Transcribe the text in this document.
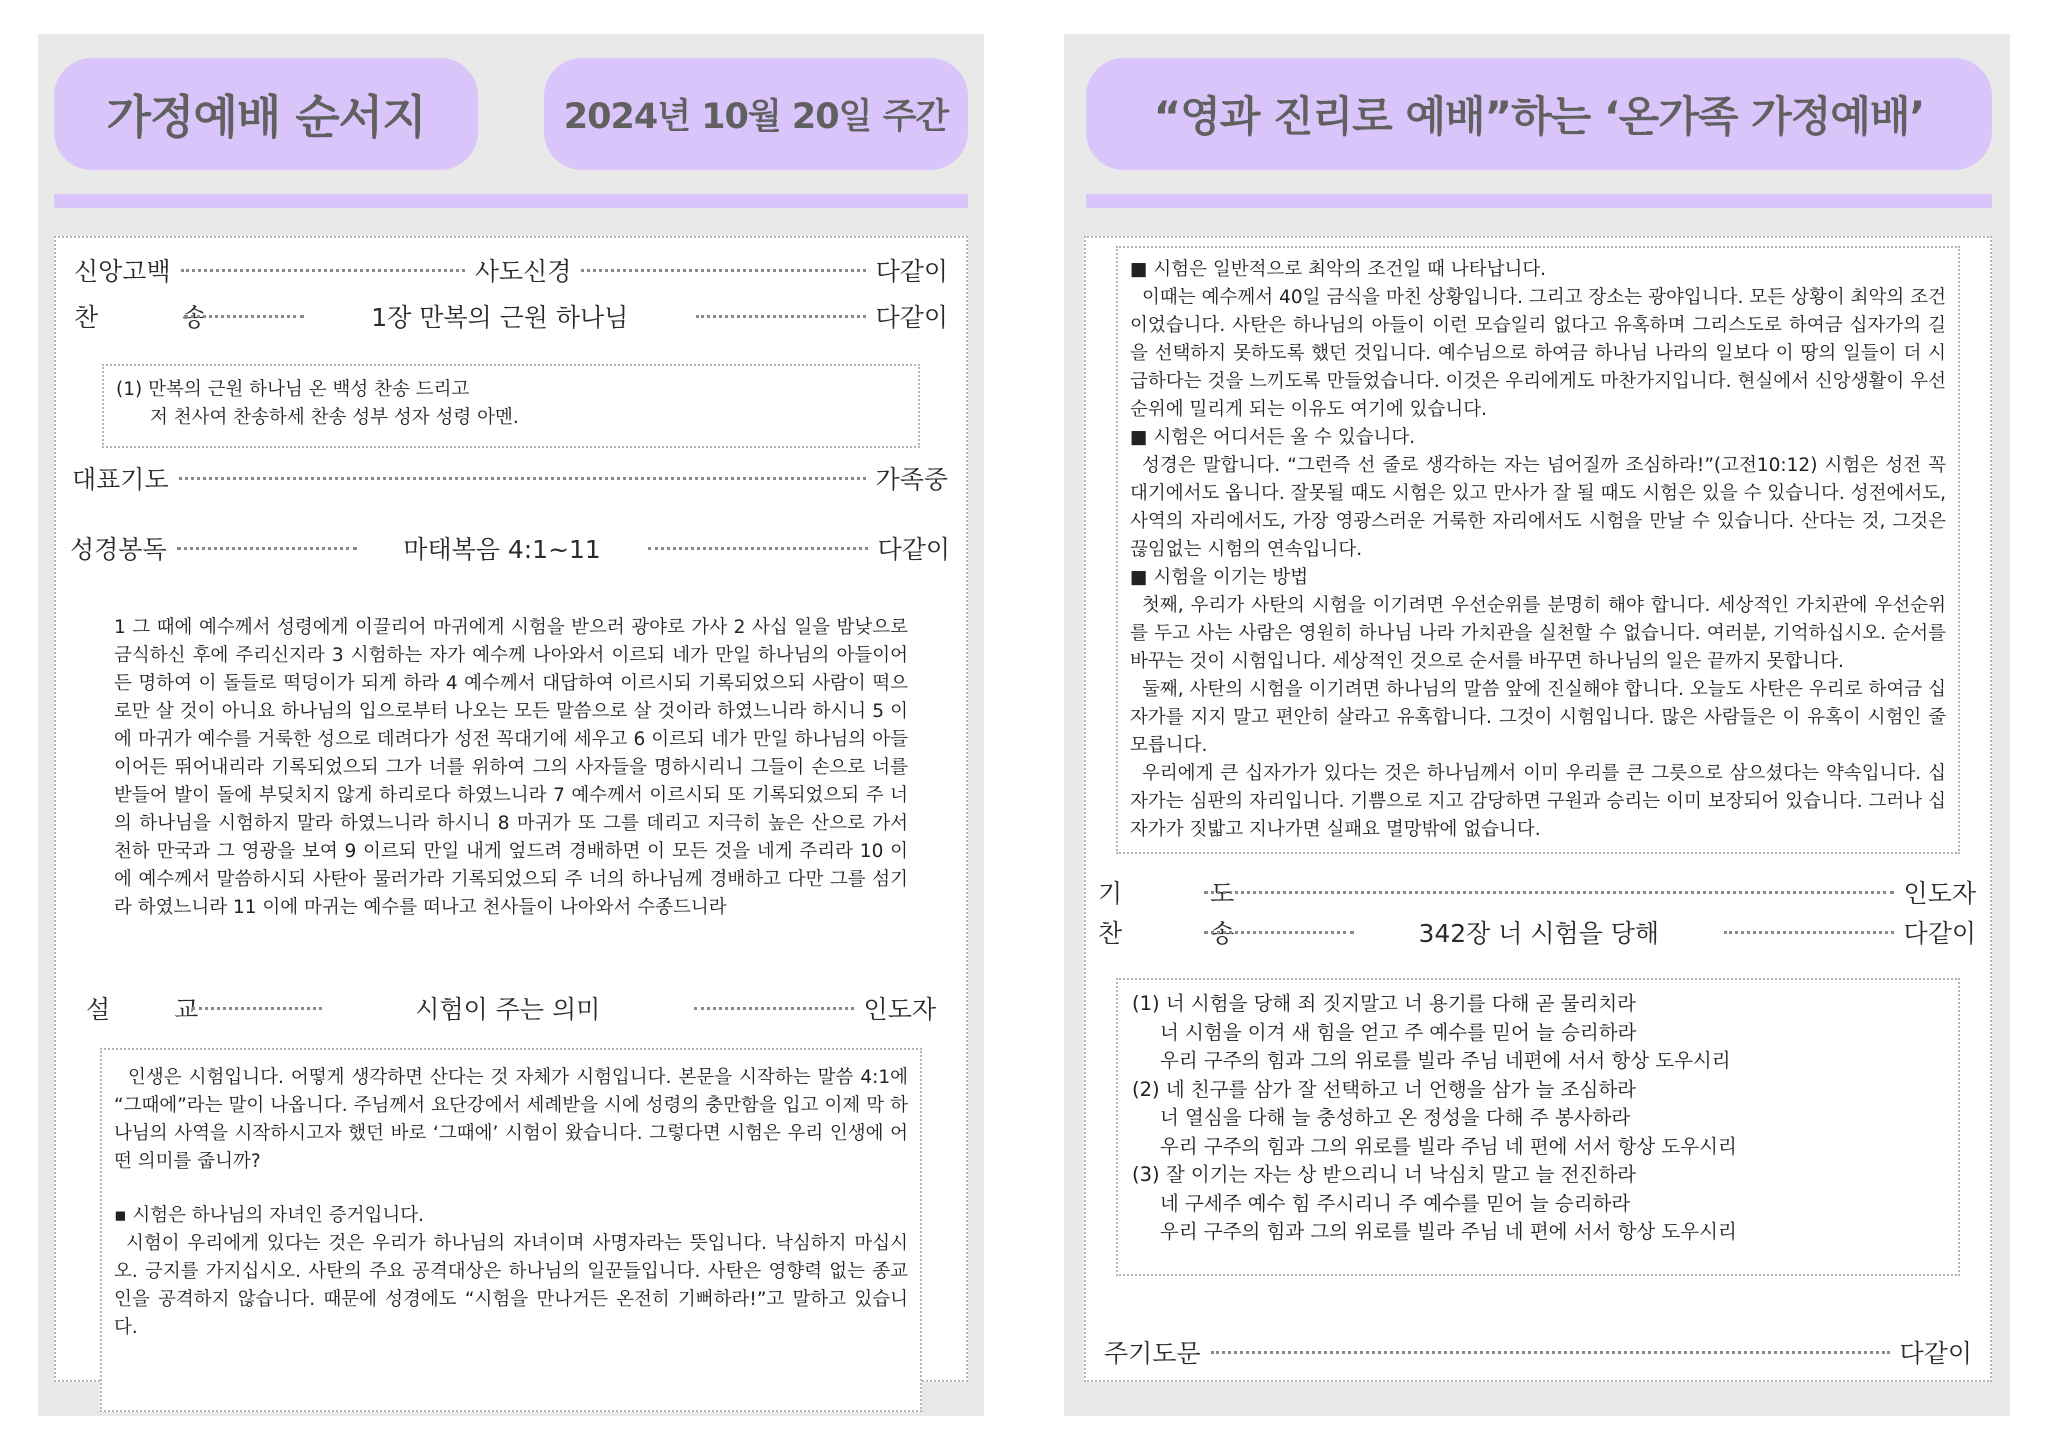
가정예배 순서지	2024년 10월 20일 주간
신앙고백	사도신경	다같이
찬 송	1장 만복의 근원 하나님	다같이

(1) 만복의 근원 하나님 온 백성 찬송 드리고

저 천사여 찬송하세 찬송 성부 성자 성령 아멘.

대표기도	가족중
성경봉독	마태복음 4:1~11	다같이

1 그 때에 예수께서 성령에게 이끌리어 마귀에게 시험을 받으러 광야로 가사 2 사십 일을 밤낮으로 금식하신 후에 주리신지라 3 시험하는 자가 예수께 나아와서 이르되 네가 만일 하나님의 아들이어든 명하여 이 돌들로 떡덩이가 되게 하라 4 예수께서 대답하여 이르시되 기록되었으되 사람이 떡으로만 살 것이 아니요 하나님의 입으로부터 나오는 모든 말씀으로 살 것이라 하였느니라 하시니 5 이에 마귀가 예수를 거룩한 성으로 데려다가 성전 꼭대기에 세우고 6 이르되 네가 만일 하나님의 아들이어든 뛰어내리라 기록되었으되 그가 너를 위하여 그의 사자들을 명하시리니 그들이 손으로 너를 받들어 발이 돌에 부딪치지 않게 하리로다 하였느니라 7 예수께서 이르시되 또 기록되었으되 주 너의 하나님을 시험하지 말라 하였느니라 하시니 8 마귀가 또 그를 데리고 지극히 높은 산으로 가서 천하 만국과 그 영광을 보여 9 이르되 만일 내게 엎드려 경배하면 이 모든 것을 네게 주리라 10 이에 예수께서 말씀하시되 사탄아 물러가라 기록되었으되 주 너의 하나님께 경배하고 다만 그를 섬기라 하였느니라 11 이에 마귀는 예수를 떠나고 천사들이 나아와서 수종드니라

설 교	시험이 주는 의미	인도자

인생은 시험입니다. 어떻게 생각하면 산다는 것 자체가 시험입니다. 본문을 시작하는 말씀 4:1에 “그때에”라는 말이 나옵니다. 주님께서 요단강에서 세례받을 시에 성령의 충만함을 입고 이제 막 하나님의 사역을 시작하시고자 했던 바로 ‘그때에’ 시험이 왔습니다. 그렇다면 시험은 우리 인생에 어떤 의미를 줍니까?

▪ 시험은 하나님의 자녀인 증거입니다.

시험이 우리에게 있다는 것은 우리가 하나님의 자녀이며 사명자라는 뜻입니다. 낙심하지 마십시오. 긍지를 가지십시오. 사탄의 주요 공격대상은 하나님의 일꾼들입니다. 사탄은 영향력 없는 종교인을 공격하지 않습니다. 때문에 성경에도 “시험을 만나거든 온전히 기뻐하라!”고 말하고 있습니다.

“영과 진리로 예배”하는 ‘온가족 가정예배’

■ 시험은 일반적으로 최악의 조건일 때 나타납니다.

이때는 예수께서 40일 금식을 마친 상황입니다. 그리고 장소는 광야입니다. 모든 상황이 최악의 조건이었습니다. 사탄은 하나님의 아들이 이런 모습일리 없다고 유혹하며 그리스도로 하여금 십자가의 길을 선택하지 못하도록 했던 것입니다. 예수님으로 하여금 하나님 나라의 일보다 이 땅의 일들이 더 시급하다는 것을 느끼도록 만들었습니다. 이것은 우리에게도 마찬가지입니다. 현실에서 신앙생활이 우선순위에 밀리게 되는 이유도 여기에 있습니다.

■ 시험은 어디서든 올 수 있습니다.

성경은 말합니다. “그런즉 선 줄로 생각하는 자는 넘어질까 조심하라!”(고전10:12) 시험은 성전 꼭대기에서도 옵니다. 잘못될 때도 시험은 있고 만사가 잘 될 때도 시험은 있을 수 있습니다. 성전에서도, 사역의 자리에서도, 가장 영광스러운 거룩한 자리에서도 시험을 만날 수 있습니다. 산다는 것, 그것은 끊임없는 시험의 연속입니다.

■ 시험을 이기는 방법

첫째, 우리가 사탄의 시험을 이기려면 우선순위를 분명히 해야 합니다. 세상적인 가치관에 우선순위를 두고 사는 사람은 영원히 하나님 나라 가치관을 실천할 수 없습니다. 여러분, 기억하십시오. 순서를 바꾸는 것이 시험입니다. 세상적인 것으로 순서를 바꾸면 하나님의 일은 끝까지 못합니다.

둘째, 사탄의 시험을 이기려면 하나님의 말씀 앞에 진실해야 합니다. 오늘도 사탄은 우리로 하여금 십자가를 지지 말고 편안히 살라고 유혹합니다. 그것이 시험입니다. 많은 사람들은 이 유혹이 시험인 줄 모릅니다.

우리에게 큰 십자가가 있다는 것은 하나님께서 이미 우리를 큰 그릇으로 삼으셨다는 약속입니다. 십자가는 심판의 자리입니다. 기쁨으로 지고 감당하면 구원과 승리는 이미 보장되어 있습니다. 그러나 십자가가 짓밟고 지나가면 실패요 멸망밖에 없습니다.

기 도	인도자
찬 송	342장 너 시험을 당해	다같이

(1) 너 시험을 당해 죄 짓지말고 너 용기를 다해 곧 물리치라

너 시험을 이겨 새 힘을 얻고 주 예수를 믿어 늘 승리하라

우리 구주의 힘과 그의 위로를 빌라 주님 네편에 서서 항상 도우시리

(2) 네 친구를 삼가 잘 선택하고 너 언행을 삼가 늘 조심하라

너 열심을 다해 늘 충성하고 온 정성을 다해 주 봉사하라

우리 구주의 힘과 그의 위로를 빌라 주님 네 편에 서서 항상 도우시리

(3) 잘 이기는 자는 상 받으리니 너 낙심치 말고 늘 전진하라

네 구세주 예수 힘 주시리니 주 예수를 믿어 늘 승리하라

우리 구주의 힘과 그의 위로를 빌라 주님 네 편에 서서 항상 도우시리

주기도문	다같이
